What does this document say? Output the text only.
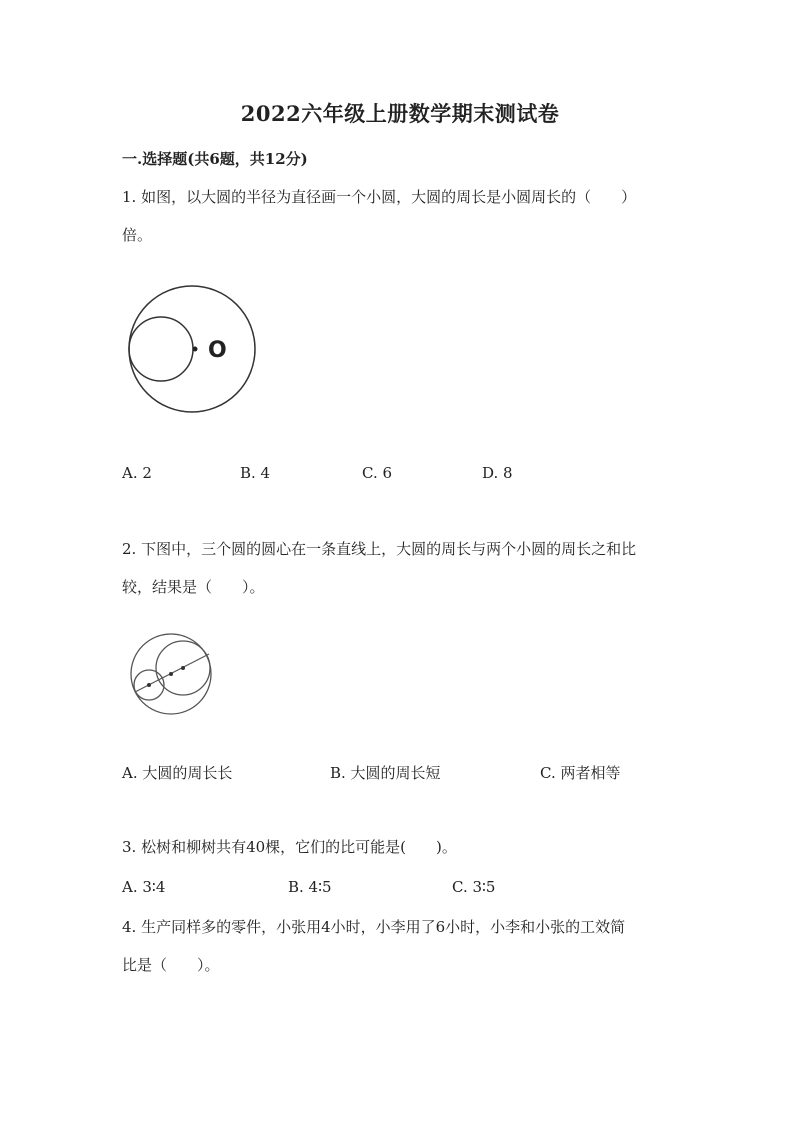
2022六年级上册数学期末测试卷
一.选择题(共6题，共12分)
1. 如图，以大圆的半径为直径画一个小圆，大圆的周长是小圆周长的（　　）
倍。
O
A. 2	B. 4	C. 6	D. 8
2. 下图中，三个圆的圆心在一条直线上，大圆的周长与两个小圆的周长之和比
较，结果是（　　）。
A. 大圆的周长长	B. 大圆的周长短	C. 两者相等
3. 松树和柳树共有40棵，它们的比可能是(　　)。
A. 3∶4	B. 4∶5	C. 3∶5
4. 生产同样多的零件，小张用4小时，小李用了6小时，小李和小张的工效简
比是（　　）。
